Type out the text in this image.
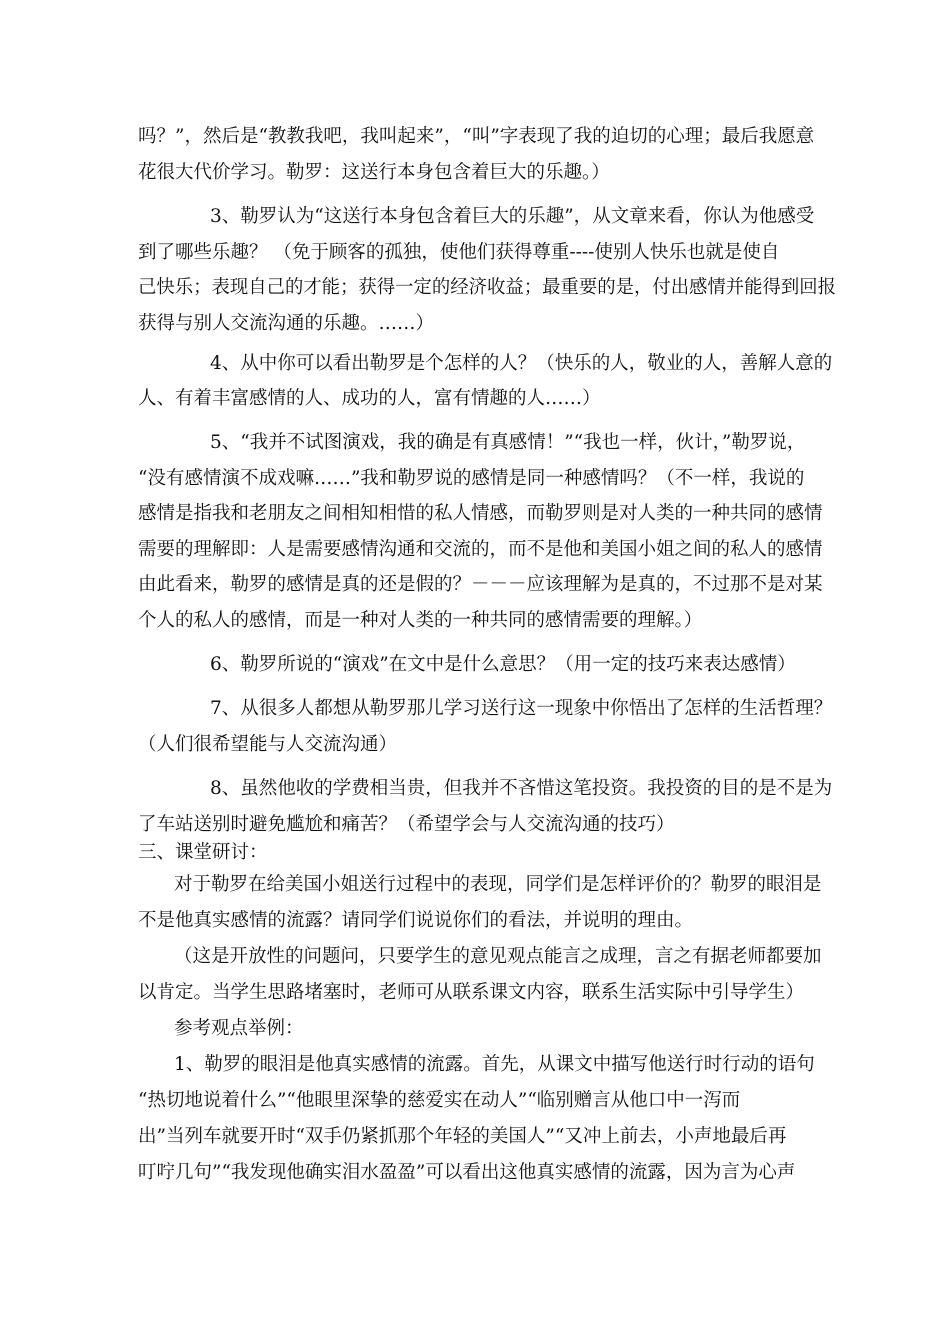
吗？”，然后是“教教我吧，我叫起来”，“叫”字表现了我的迫切的心理；最后我愿意
花很大代价学习。勒罗：这送行本身包含着巨大的乐趣。）
3、勒罗认为“这送行本身包含着巨大的乐趣”，从文章来看，你认为他感受
到了哪些乐趣？ （免于顾客的孤独，使他们获得尊重----使别人快乐也就是使自
己快乐；表现自己的才能；获得一定的经济收益；最重要的是，付出感情并能得到回报
获得与别人交流沟通的乐趣。……）
4、从中你可以看出勒罗是个怎样的人？（快乐的人，敬业的人，善解人意的
人、有着丰富感情的人、成功的人，富有情趣的人……）
5、“我并不试图演戏，我的确是有真感情！”“我也一样，伙计，”勒罗说，
“没有感情演不成戏嘛……”我和勒罗说的感情是同一种感情吗？（不一样，我说的
感情是指我和老朋友之间相知相惜的私人情感，而勒罗则是对人类的一种共同的感情
需要的理解即：人是需要感情沟通和交流的，而不是他和美国小姐之间的私人的感情
由此看来，勒罗的感情是真的还是假的？－－－应该理解为是真的，不过那不是对某
个人的私人的感情，而是一种对人类的一种共同的感情需要的理解。）
6、勒罗所说的“演戏”在文中是什么意思？（用一定的技巧来表达感情）
7、从很多人都想从勒罗那儿学习送行这一现象中你悟出了怎样的生活哲理？
（人们很希望能与人交流沟通）
8、虽然他收的学费相当贵，但我并不吝惜这笔投资。我投资的目的是不是为
了车站送别时避免尴尬和痛苦？（希望学会与人交流沟通的技巧）
三、课堂研讨：
对于勒罗在给美国小姐送行过程中的表现，同学们是怎样评价的？勒罗的眼泪是
不是他真实感情的流露？请同学们说说你们的看法，并说明的理由。
（这是开放性的问题问，只要学生的意见观点能言之成理，言之有据老师都要加
以肯定。当学生思路堵塞时，老师可从联系课文内容，联系生活实际中引导学生）
参考观点举例：
1、勒罗的眼泪是他真实感情的流露。首先，从课文中描写他送行时行动的语句
“热切地说着什么”“他眼里深挚的慈爱实在动人”“临别赠言从他口中一泻而
出”当列车就要开时“双手仍紧抓那个年轻的美国人”“又冲上前去，小声地最后再
叮咛几句”“我发现他确实泪水盈盈”可以看出这他真实感情的流露，因为言为心声
